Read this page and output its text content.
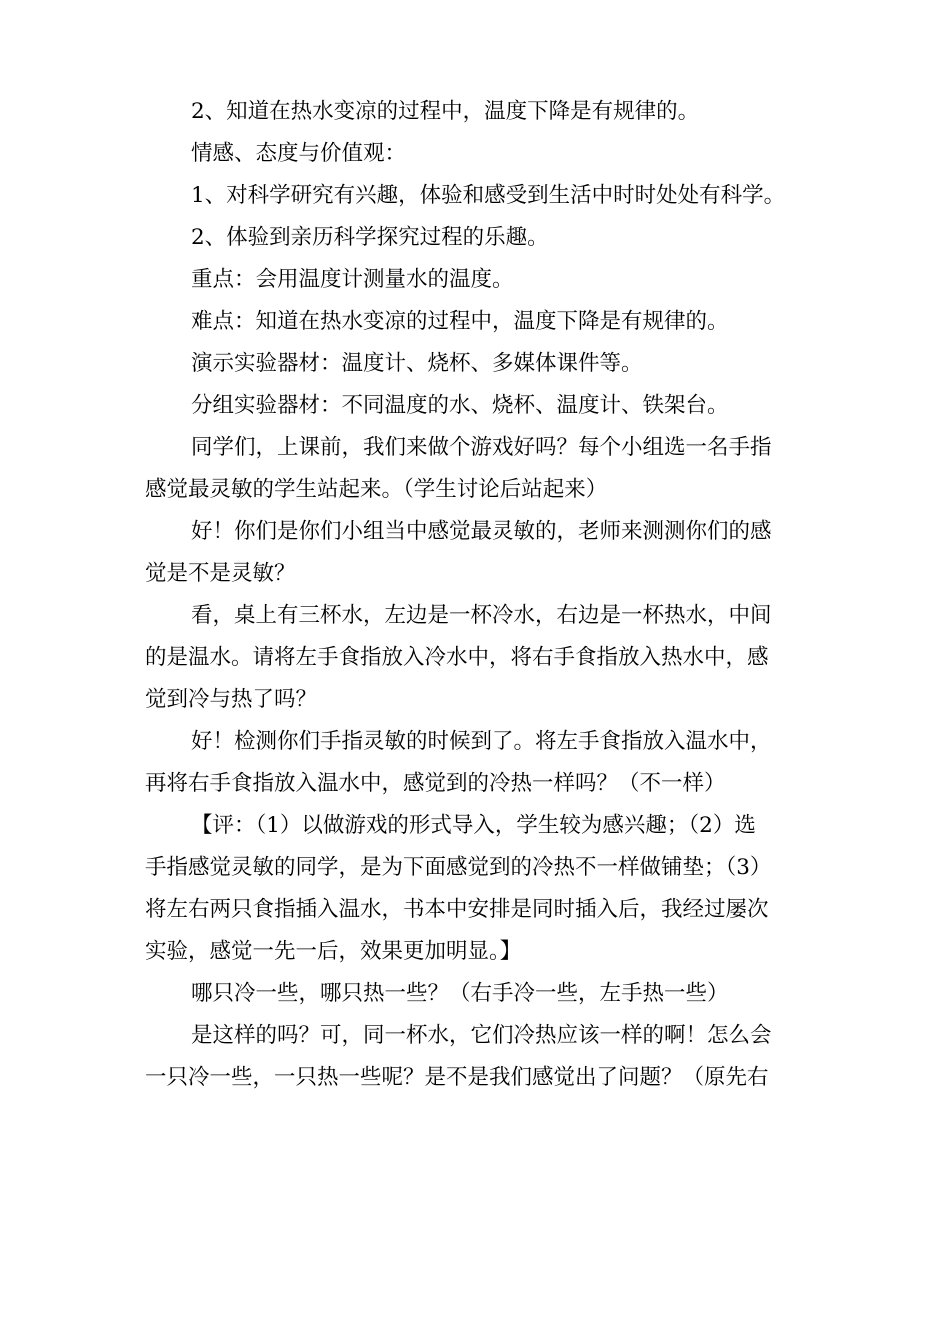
2、知道在热水变凉的过程中，温度下降是有规律的。

情感、态度与价值观：

1、对科学研究有兴趣，体验和感受到生活中时时处处有科学。

2、体验到亲历科学探究过程的乐趣。

重点：会用温度计测量水的温度。

难点：知道在热水变凉的过程中，温度下降是有规律的。

演示实验器材：温度计、烧杯、多媒体课件等。

分组实验器材：不同温度的水、烧杯、温度计、铁架台。

同学们，上课前，我们来做个游戏好吗？每个小组选一名手指
感觉最灵敏的学生站起来。（学生讨论后站起来）

好！你们是你们小组当中感觉最灵敏的，老师来测测你们的感
觉是不是灵敏？

看，桌上有三杯水，左边是一杯冷水，右边是一杯热水，中间
的是温水。请将左手食指放入冷水中，将右手食指放入热水中，感
觉到冷与热了吗？

好！检测你们手指灵敏的时候到了。将左手食指放入温水中，
再将右手食指放入温水中，感觉到的冷热一样吗？（不一样）

【评：（1）以做游戏的形式导入，学生较为感兴趣；（2）选
手指感觉灵敏的同学，是为下面感觉到的冷热不一样做铺垫；（3）
将左右两只食指插入温水，书本中安排是同时插入后，我经过屡次
实验，感觉一先一后，效果更加明显。】

哪只冷一些，哪只热一些？（右手冷一些，左手热一些）

是这样的吗？可，同一杯水，它们冷热应该一样的啊！怎么会
一只冷一些，一只热一些呢？是不是我们感觉出了问题？（原先右
